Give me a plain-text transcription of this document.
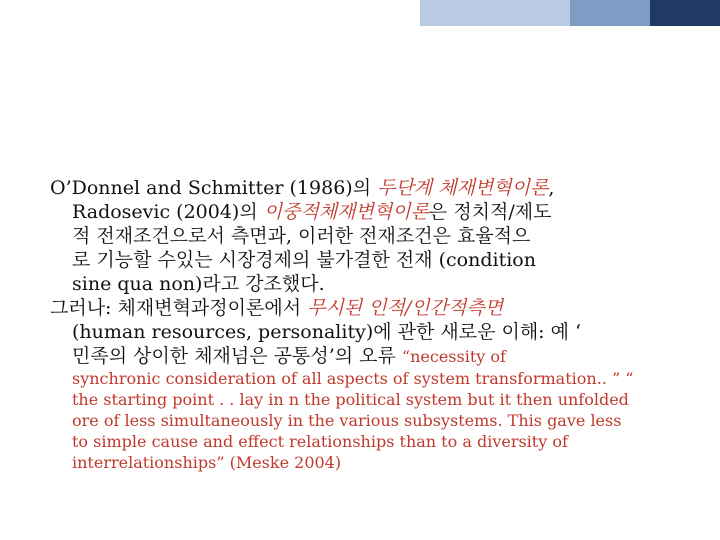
O’Donnel and Schmitter (1986)의 두단계 체재변혁이론,
Radosevic (2004)의 이중적체재변혁이론은 정치적/제도
적 전재조건으로서 측면과, 이러한 전재조건은 효율적으
로 기능할 수있는 시장경제의 불가결한 전재 (condition
sine qua non)라고 강조했다.
그러나: 체재변혁과정이론에서 무시된 인적/인간적측면
(human resources, personality)에 관한 새로운 이해: 예 ‘
민족의 상이한 체재넘은 공통성’의 오류 “necessity of
synchronic consideration of all aspects of system transformation.. ” “
the starting point . . lay in n the political system but it then unfolded
ore of less simultaneously in the various subsystems. This gave less
to simple cause and effect relationships than to a diversity of
interrelationships” (Meske 2004)
